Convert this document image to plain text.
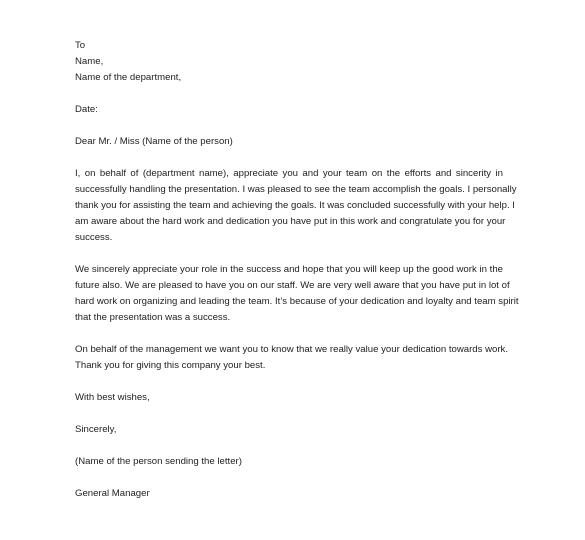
To
Name,
Name of the department,
Date:
Dear Mr. / Miss (Name of the person)
I, on behalf of (department name), appreciate you and your team on the efforts and sincerity in
successfully handling the presentation. I was pleased to see the team accomplish the goals. I personally
thank you for assisting the team and achieving the goals. It was concluded successfully with your help. I
am aware about the hard work and dedication you have put in this work and congratulate you for your
success.
We sincerely appreciate your role in the success and hope that you will keep up the good work in the
future also. We are pleased to have you on our staff. We are very well aware that you have put in lot of
hard work on organizing and leading the team. It’s because of your dedication and loyalty and team spirit
that the presentation was a success.
On behalf of the management we want you to know that we really value your dedication towards work.
Thank you for giving this company your best.
With best wishes,
Sincerely,
(Name of the person sending the letter)
General Manager
